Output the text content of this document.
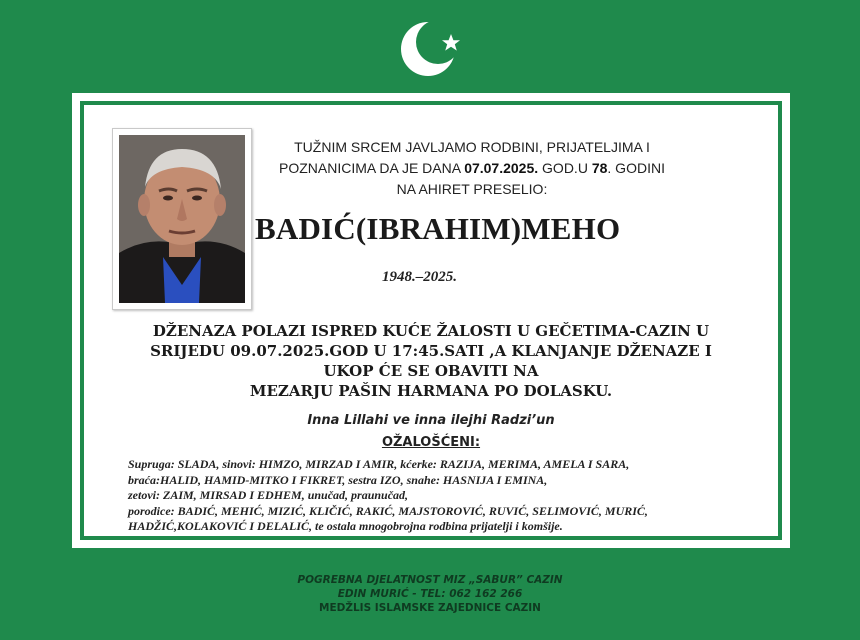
TUŽNIM SRCEM JAVLJAMO RODBINI, PRIJATELJIMA I
POZNANICIMA DA JE DANA 07.07.2025. GOD.U 78. GODINI
NA AHIRET PRESELIO:
BADIĆ(IBRAHIM)MEHO
1948.–2025.
DŽENAZA POLAZI ISPRED KUĆE ŽALOSTI U GEČETIMA-CAZIN U
SRIJEDU 09.07.2025.GOD U 17:45.SATI ,A KLANJANJE DŽENAZE I
UKOP ĆE SE OBAVITI NA
MEZARJU PAŠIN HARMANA PO DOLASKU.
Inna Lillahi ve inna ilejhi Radzi’un
OŽALOŠĆENI:
Supruga: SLADA, sinovi: HIMZO, MIRZAD I AMIR, kćerke: RAZIJA, MERIMA, AMELA I SARA,
braća:HALID, HAMID-MITKO I FIKRET, sestra IZO, snahe: HASNIJA I EMINA,
zetovi: ZAIM, MIRSAD I EDHEM, unučad, praunučad,
porodice: BADIĆ, MEHIĆ, MIZIĆ, KLIČIĆ, RAKIĆ, MAJSTOROVIĆ, RUVIĆ, SELIMOVIĆ, MURIĆ,
HADŽIĆ,KOLAKOVIĆ I DELALIĆ, te ostala mnogobrojna rodbina prijatelji i komšije.
POGREBNA DJELATNOST MIZ „SABUR” CAZIN
EDIN MURIĆ - TEL: 062 162 266
MEDŽLIS ISLAMSKE ZAJEDNICE CAZIN
